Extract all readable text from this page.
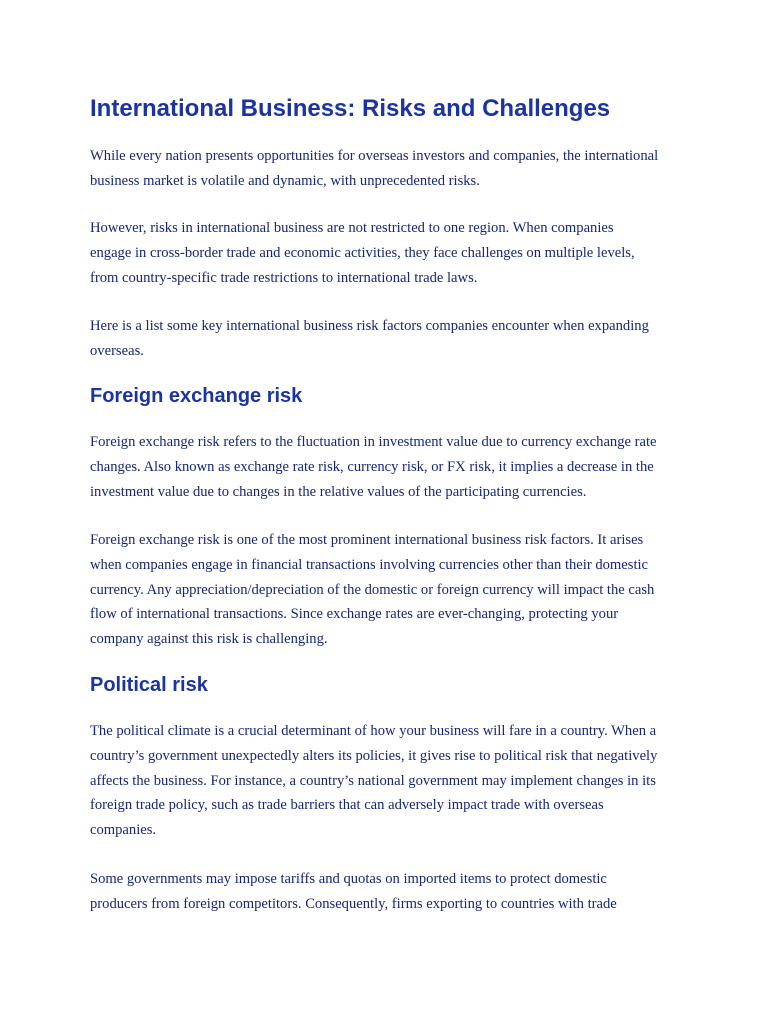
International Business: Risks and Challenges

While every nation presents opportunities for overseas investors and companies, the international
business market is volatile and dynamic, with unprecedented risks.

However, risks in international business are not restricted to one region. When companies
engage in cross-border trade and economic activities, they face challenges on multiple levels,
from country-specific trade restrictions to international trade laws.

Here is a list some key international business risk factors companies encounter when expanding
overseas.

Foreign exchange risk

Foreign exchange risk refers to the fluctuation in investment value due to currency exchange rate
changes. Also known as exchange rate risk, currency risk, or FX risk, it implies a decrease in the
investment value due to changes in the relative values of the participating currencies.

Foreign exchange risk is one of the most prominent international business risk factors. It arises
when companies engage in financial transactions involving currencies other than their domestic
currency. Any appreciation/depreciation of the domestic or foreign currency will impact the cash
flow of international transactions. Since exchange rates are ever-changing, protecting your
company against this risk is challenging.

Political risk

The political climate is a crucial determinant of how your business will fare in a country. When a
country’s government unexpectedly alters its policies, it gives rise to political risk that negatively
affects the business. For instance, a country’s national government may implement changes in its
foreign trade policy, such as trade barriers that can adversely impact trade with overseas
companies.

Some governments may impose tariffs and quotas on imported items to protect domestic
producers from foreign competitors. Consequently, firms exporting to countries with trade
